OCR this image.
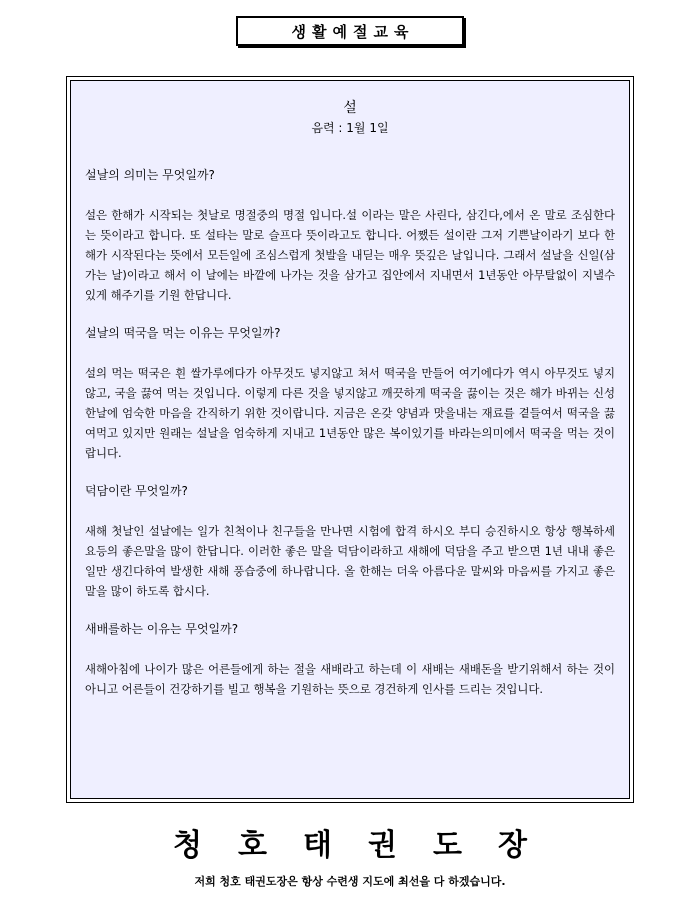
생활예절교육

설

음력 : 1월 1일

설날의 의미는 무엇일까?

설은 한해가 시작되는 첫날로 명절중의 명절 입니다.설 이라는 말은 사린다, 삼긴다,에서 온 말로 조심한다는 뜻이라고 합니다. 또 설타는 말로 슬프다 뜻이라고도 합니다. 어쨌든 설이란 그저 기쁜날이라기 보다 한해가 시작된다는 뜻에서 모든일에 조심스럽게 첫발을 내딛는 매우 뜻깊은 날입니다. 그래서 설날을 신일(삼가는 날)이라고 해서 이 날에는 바깥에 나가는 것을 삼가고 집안에서 지내면서 1년동안 아무탈없이 지낼수 있게 해주기를 기원 한답니다.

설날의 떡국을 먹는 이유는 무엇일까?

설의 먹는 떡국은 흰 쌀가루에다가 아무것도 넣지않고 쳐서 떡국을 만들어 여기에다가 역시 아무것도 넣지않고, 국을 끓여 먹는 것입니다. 이렇게 다른 것을 넣지않고 깨끗하게 떡국을 끓이는 것은 해가 바뀌는 신성한날에 엄숙한 마음을 간직하기 위한 것이랍니다. 지금은 온갖 양념과 맛을내는 재료를 곁들여서 떡국을 끓여먹고 있지만 원래는 설날을 엄숙하게 지내고 1년동안 많은 복이있기를 바라는의미에서 떡국을 먹는 것이랍니다.

덕담이란 무엇일까?

새해 첫날인 설날에는 일가 친척이나 친구들을 만나면 시험에 합격 하시오 부디 승진하시오 항상 행복하세요등의 좋은말을 많이 한답니다. 이러한 좋은 말을 덕담이라하고 새해에 덕담을 주고 받으면 1년 내내 좋은일만 생긴다하여 발생한 새해 풍습중에 하나랍니다. 올 한해는 더욱 아름다운 말씨와 마음씨를 가지고 좋은 말을 많이 하도록 합시다.

새배를하는 이유는 무엇일까?

새해아침에 나이가 많은 어른들에게 하는 절을 새배라고 하는데 이 새배는 새배돈을 받기위해서 하는 것이 아니고 어른들이 건강하기를 빌고 행복을 기원하는 뜻으로 경건하게 인사를 드리는 것입니다.

청호태권도장
저희 청호 태권도장은 항상 수련생 지도에 최선을 다 하겠습니다.
